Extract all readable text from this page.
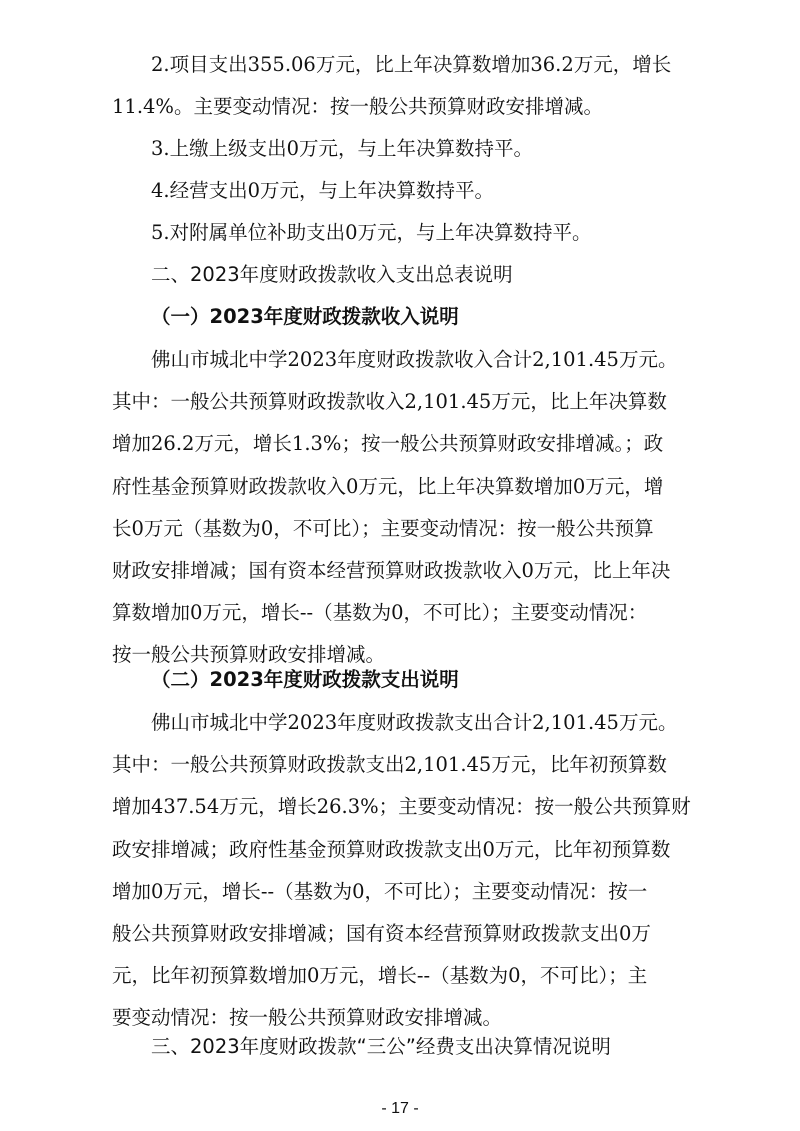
2.项目支出355.06万元，比上年决算数增加36.2万元，增长
11.4%。主要变动情况：按一般公共预算财政安排增减。
3.上缴上级支出0万元，与上年决算数持平。
4.经营支出0万元，与上年决算数持平。
5.对附属单位补助支出0万元，与上年决算数持平。
二、2023年度财政拨款收入支出总表说明
（一）2023年度财政拨款收入说明
佛山市城北中学2023年度财政拨款收入合计2,101.45万元。
其中：一般公共预算财政拨款收入2,101.45万元，比上年决算数
增加26.2万元，增长1.3%；按一般公共预算财政安排增减。；政
府性基金预算财政拨款收入0万元，比上年决算数增加0万元，增
长0万元（基数为0，不可比）；主要变动情况：按一般公共预算
财政安排增减；国有资本经营预算财政拨款收入0万元，比上年决
算数增加0万元，增长--（基数为0，不可比）；主要变动情况：
按一般公共预算财政安排增减。
（二）2023年度财政拨款支出说明
佛山市城北中学2023年度财政拨款支出合计2,101.45万元。
其中：一般公共预算财政拨款支出2,101.45万元，比年初预算数
增加437.54万元，增长26.3%；主要变动情况：按一般公共预算财
政安排增减；政府性基金预算财政拨款支出0万元，比年初预算数
增加0万元，增长--（基数为0，不可比）；主要变动情况：按一
般公共预算财政安排增减；国有资本经营预算财政拨款支出0万
元，比年初预算数增加0万元，增长--（基数为0，不可比）；主
要变动情况：按一般公共预算财政安排增减。
三、2023年度财政拨款“三公”经费支出决算情况说明
- 17 -
